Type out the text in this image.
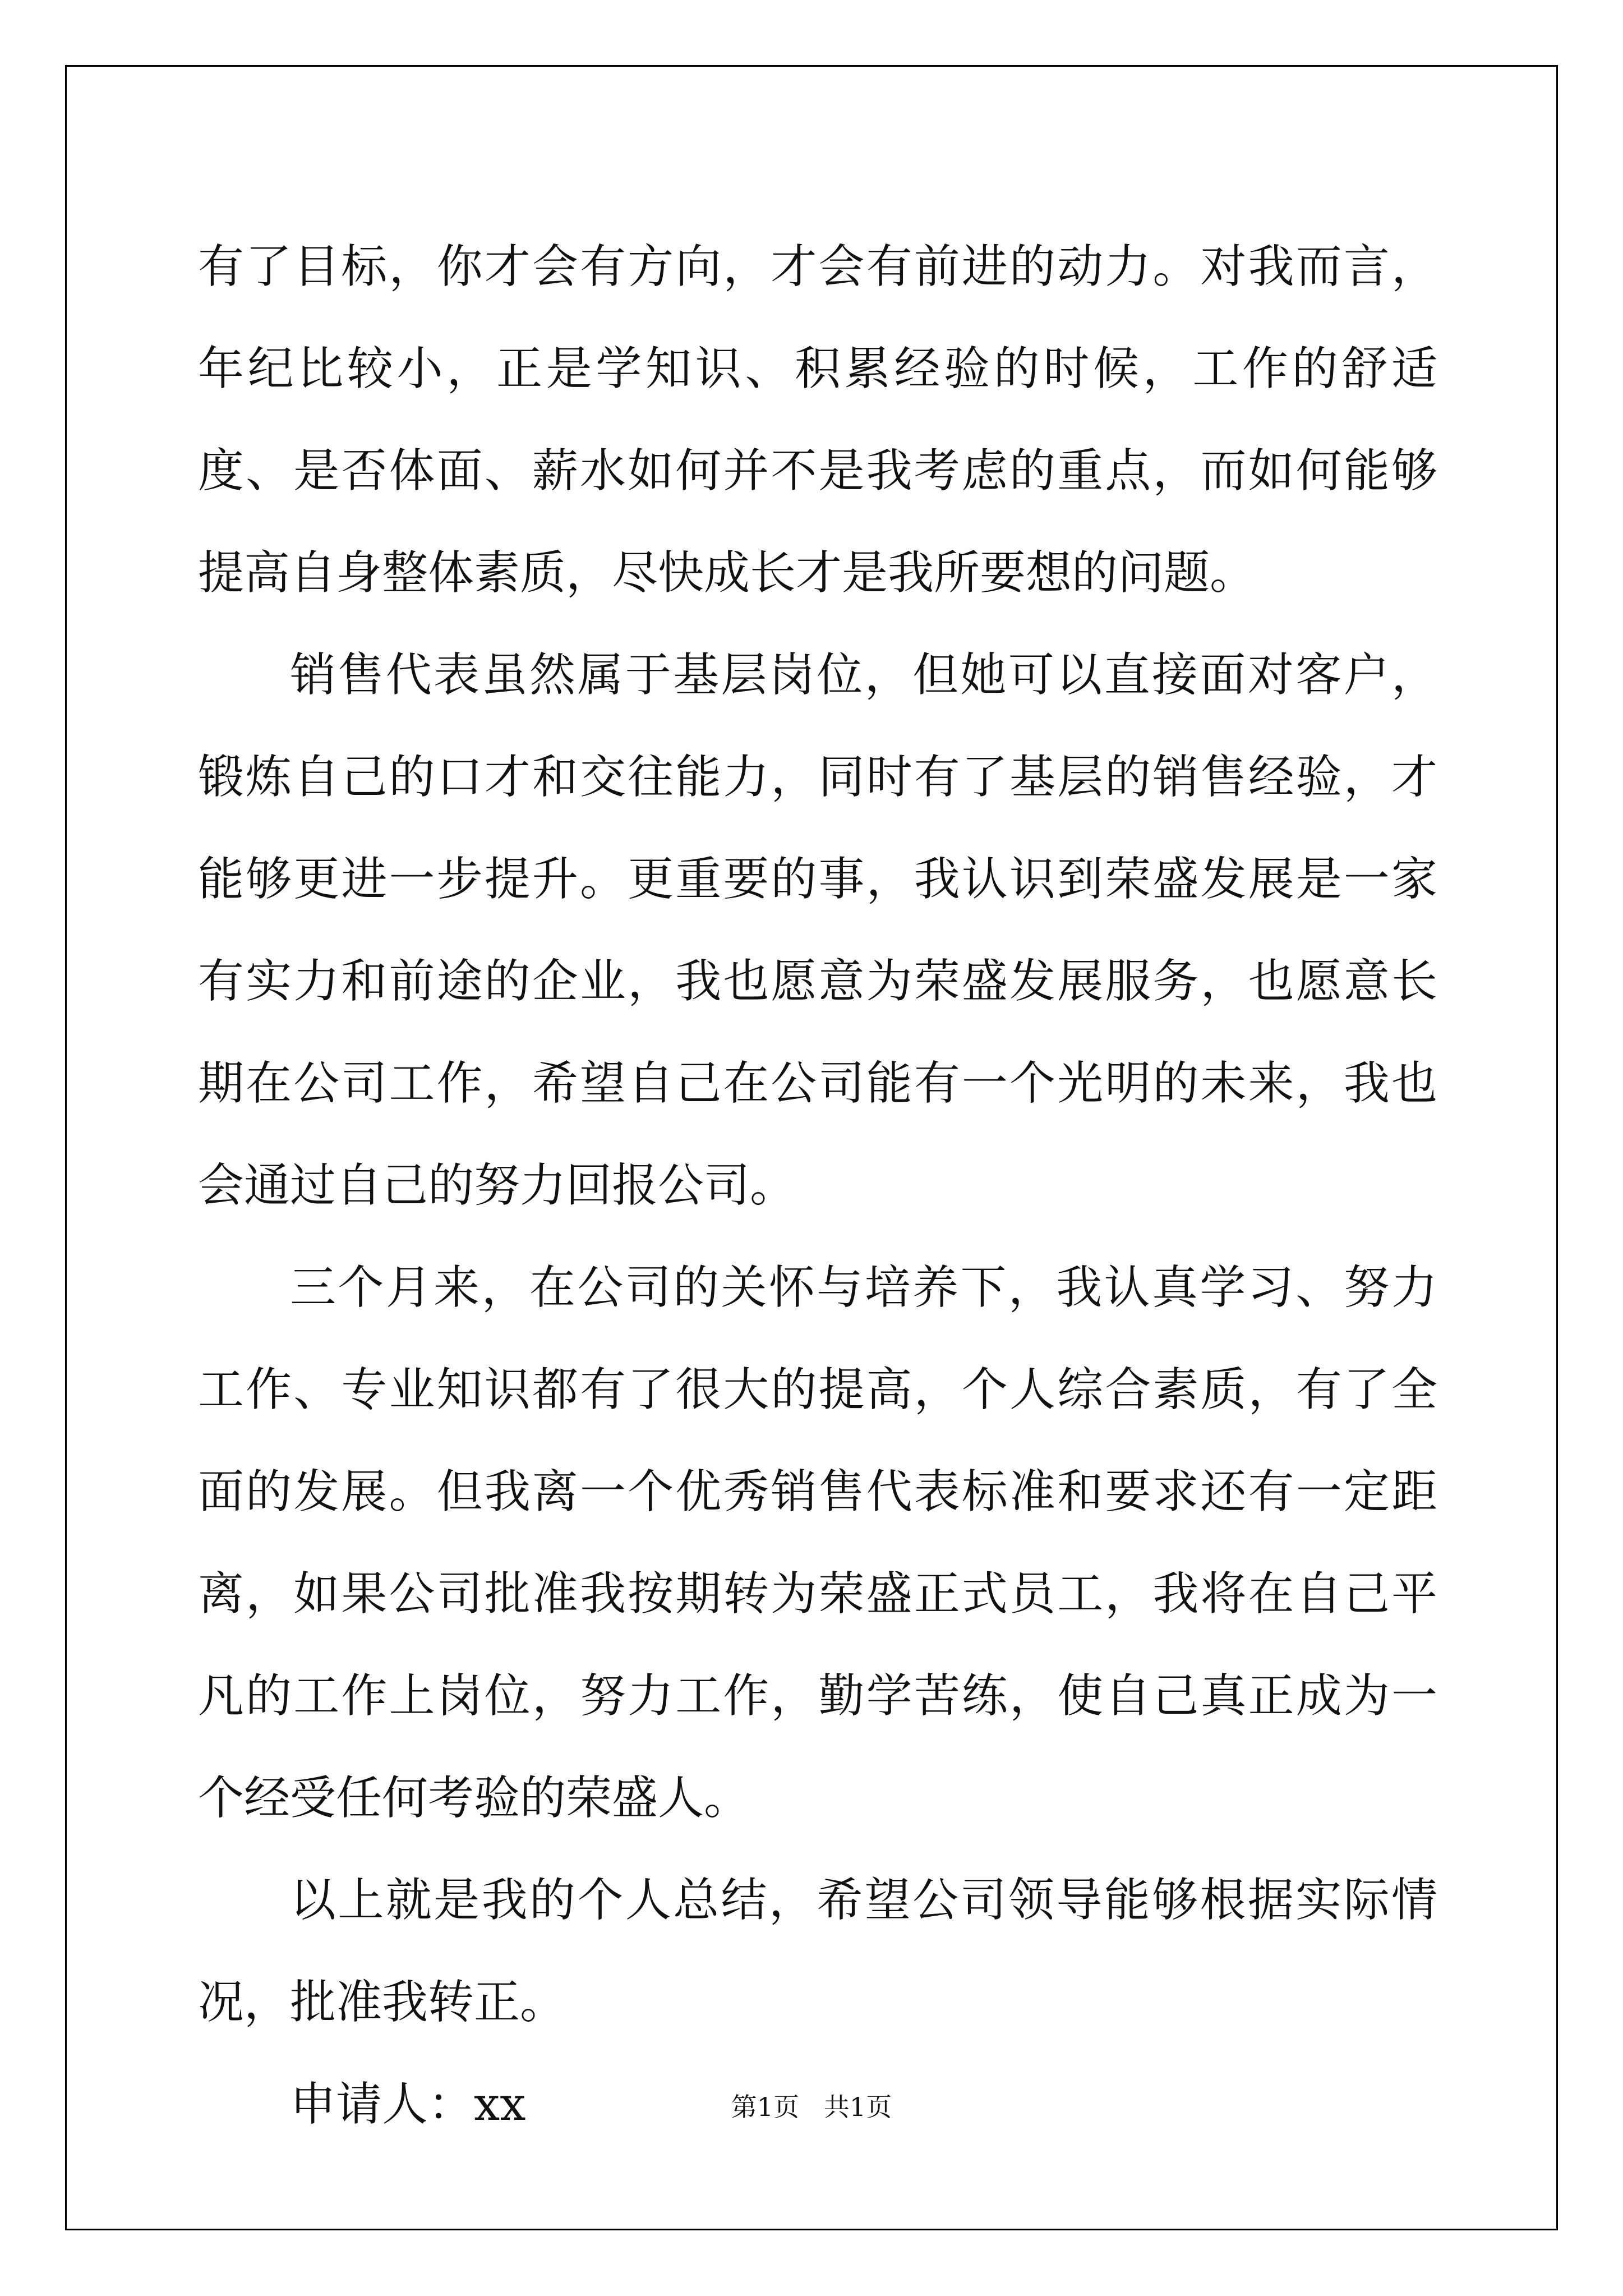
有了目标，你才会有方向，才会有前进的动力。对我而言，年纪比较小，正是学知识、积累经验的时候，工作的舒适度、是否体面、薪水如何并不是我考虑的重点，而如何能够提高自身整体素质，尽快成长才是我所要想的问题。

销售代表虽然属于基层岗位，但她可以直接面对客户，锻炼自己的口才和交往能力，同时有了基层的销售经验，才能够更进一步提升。更重要的事，我认识到荣盛发展是一家有实力和前途的企业，我也愿意为荣盛发展服务，也愿意长期在公司工作，希望自己在公司能有一个光明的未来，我也会通过自己的努力回报公司。

三个月来，在公司的关怀与培养下，我认真学习、努力工作、专业知识都有了很大的提高，个人综合素质，有了全面的发展。但我离一个优秀销售代表标准和要求还有一定距离，如果公司批准我按期转为荣盛正式员工，我将在自己平凡的工作上岗位，努力工作，勤学苦练，使自己真正成为一个经受任何考验的荣盛人。

以上就是我的个人总结，希望公司领导能够根据实际情况，批准我转正。

申请人：xx	第1页   共1页
